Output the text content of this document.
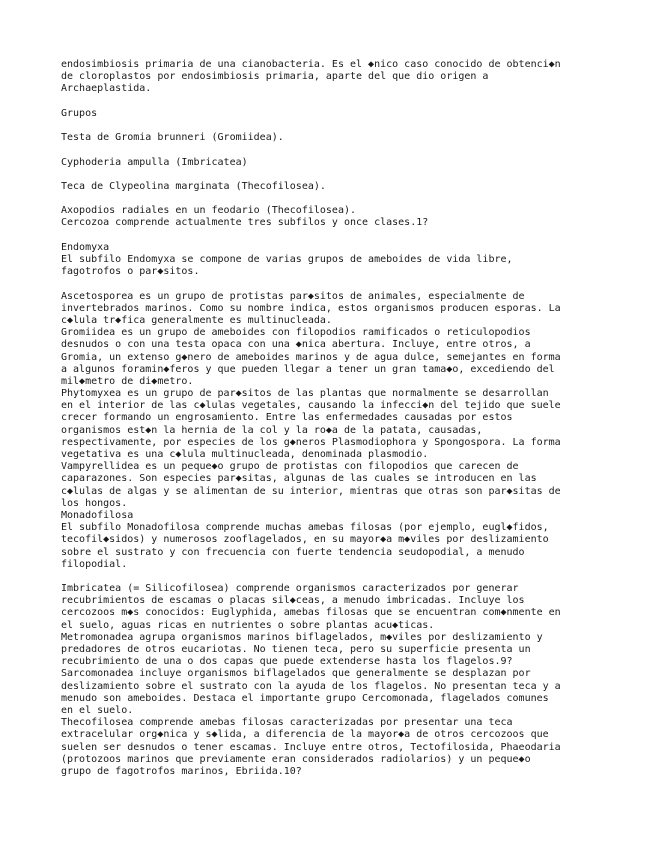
endosimbiosis primaria de una cianobacteria. Es el ◆nico caso conocido de obtenci◆n
de cloroplastos por endosimbiosis primaria, aparte del que dio origen a
Archaeplastida.
Grupos
Testa de Gromia brunneri (Gromiidea).
Cyphoderia ampulla (Imbricatea)
Teca de Clypeolina marginata (Thecofilosea).
Axopodios radiales en un feodario (Thecofilosea).
Cercozoa comprende actualmente tres subfilos y once clases.1?
Endomyxa
El subfilo Endomyxa se compone de varias grupos de ameboides de vida libre,
fagotrofos o par◆sitos.
Ascetosporea es un grupo de protistas par◆sitos de animales, especialmente de
invertebrados marinos. Como su nombre indica, estos organismos producen esporas. La
c◆lula tr◆fica generalmente es multinucleada.
Gromiidea es un grupo de ameboides con filopodios ramificados o reticulopodios
desnudos o con una testa opaca con una ◆nica abertura. Incluye, entre otros, a
Gromia, un extenso g◆nero de ameboides marinos y de agua dulce, semejantes en forma
a algunos foramin◆feros y que pueden llegar a tener un gran tama◆o, excediendo del
mil◆metro de di◆metro.
Phytomyxea es un grupo de par◆sitos de las plantas que normalmente se desarrollan
en el interior de las c◆lulas vegetales, causando la infecci◆n del tejido que suele
crecer formando un engrosamiento. Entre las enfermedades causadas por estos
organismos est◆n la hernia de la col y la ro◆a de la patata, causadas,
respectivamente, por especies de los g◆neros Plasmodiophora y Spongospora. La forma
vegetativa es una c◆lula multinucleada, denominada plasmodio.
Vampyrellidea es un peque◆o grupo de protistas con filopodios que carecen de
caparazones. Son especies par◆sitas, algunas de las cuales se introducen en las
c◆lulas de algas y se alimentan de su interior, mientras que otras son par◆sitas de
los hongos.
Monadofilosa
El subfilo Monadofilosa comprende muchas amebas filosas (por ejemplo, eugl◆fidos,
tecofil◆sidos) y numerosos zooflagelados, en su mayor◆a m◆viles por deslizamiento
sobre el sustrato y con frecuencia con fuerte tendencia seudopodial, a menudo
filopodial.
Imbricatea (= Silicofilosea) comprende organismos caracterizados por generar
recubrimientos de escamas o placas sil◆ceas, a menudo imbricadas. Incluye los
cercozoos m◆s conocidos: Euglyphida, amebas filosas que se encuentran com◆nmente en
el suelo, aguas ricas en nutrientes o sobre plantas acu◆ticas.
Metromonadea agrupa organismos marinos biflagelados, m◆viles por deslizamiento y
predadores de otros eucariotas. No tienen teca, pero su superficie presenta un
recubrimiento de una o dos capas que puede extenderse hasta los flagelos.9?
Sarcomonadea incluye organismos biflagelados que generalmente se desplazan por
deslizamiento sobre el sustrato con la ayuda de los flagelos. No presentan teca y a
menudo son ameboides. Destaca el importante grupo Cercomonada, flagelados comunes
en el suelo.
Thecofilosea comprende amebas filosas caracterizadas por presentar una teca
extracelular org◆nica y s◆lida, a diferencia de la mayor◆a de otros cercozoos que
suelen ser desnudos o tener escamas. Incluye entre otros, Tectofilosida, Phaeodaria
(protozoos marinos que previamente eran considerados radiolarios) y un peque◆o
grupo de fagotrofos marinos, Ebriida.10?
